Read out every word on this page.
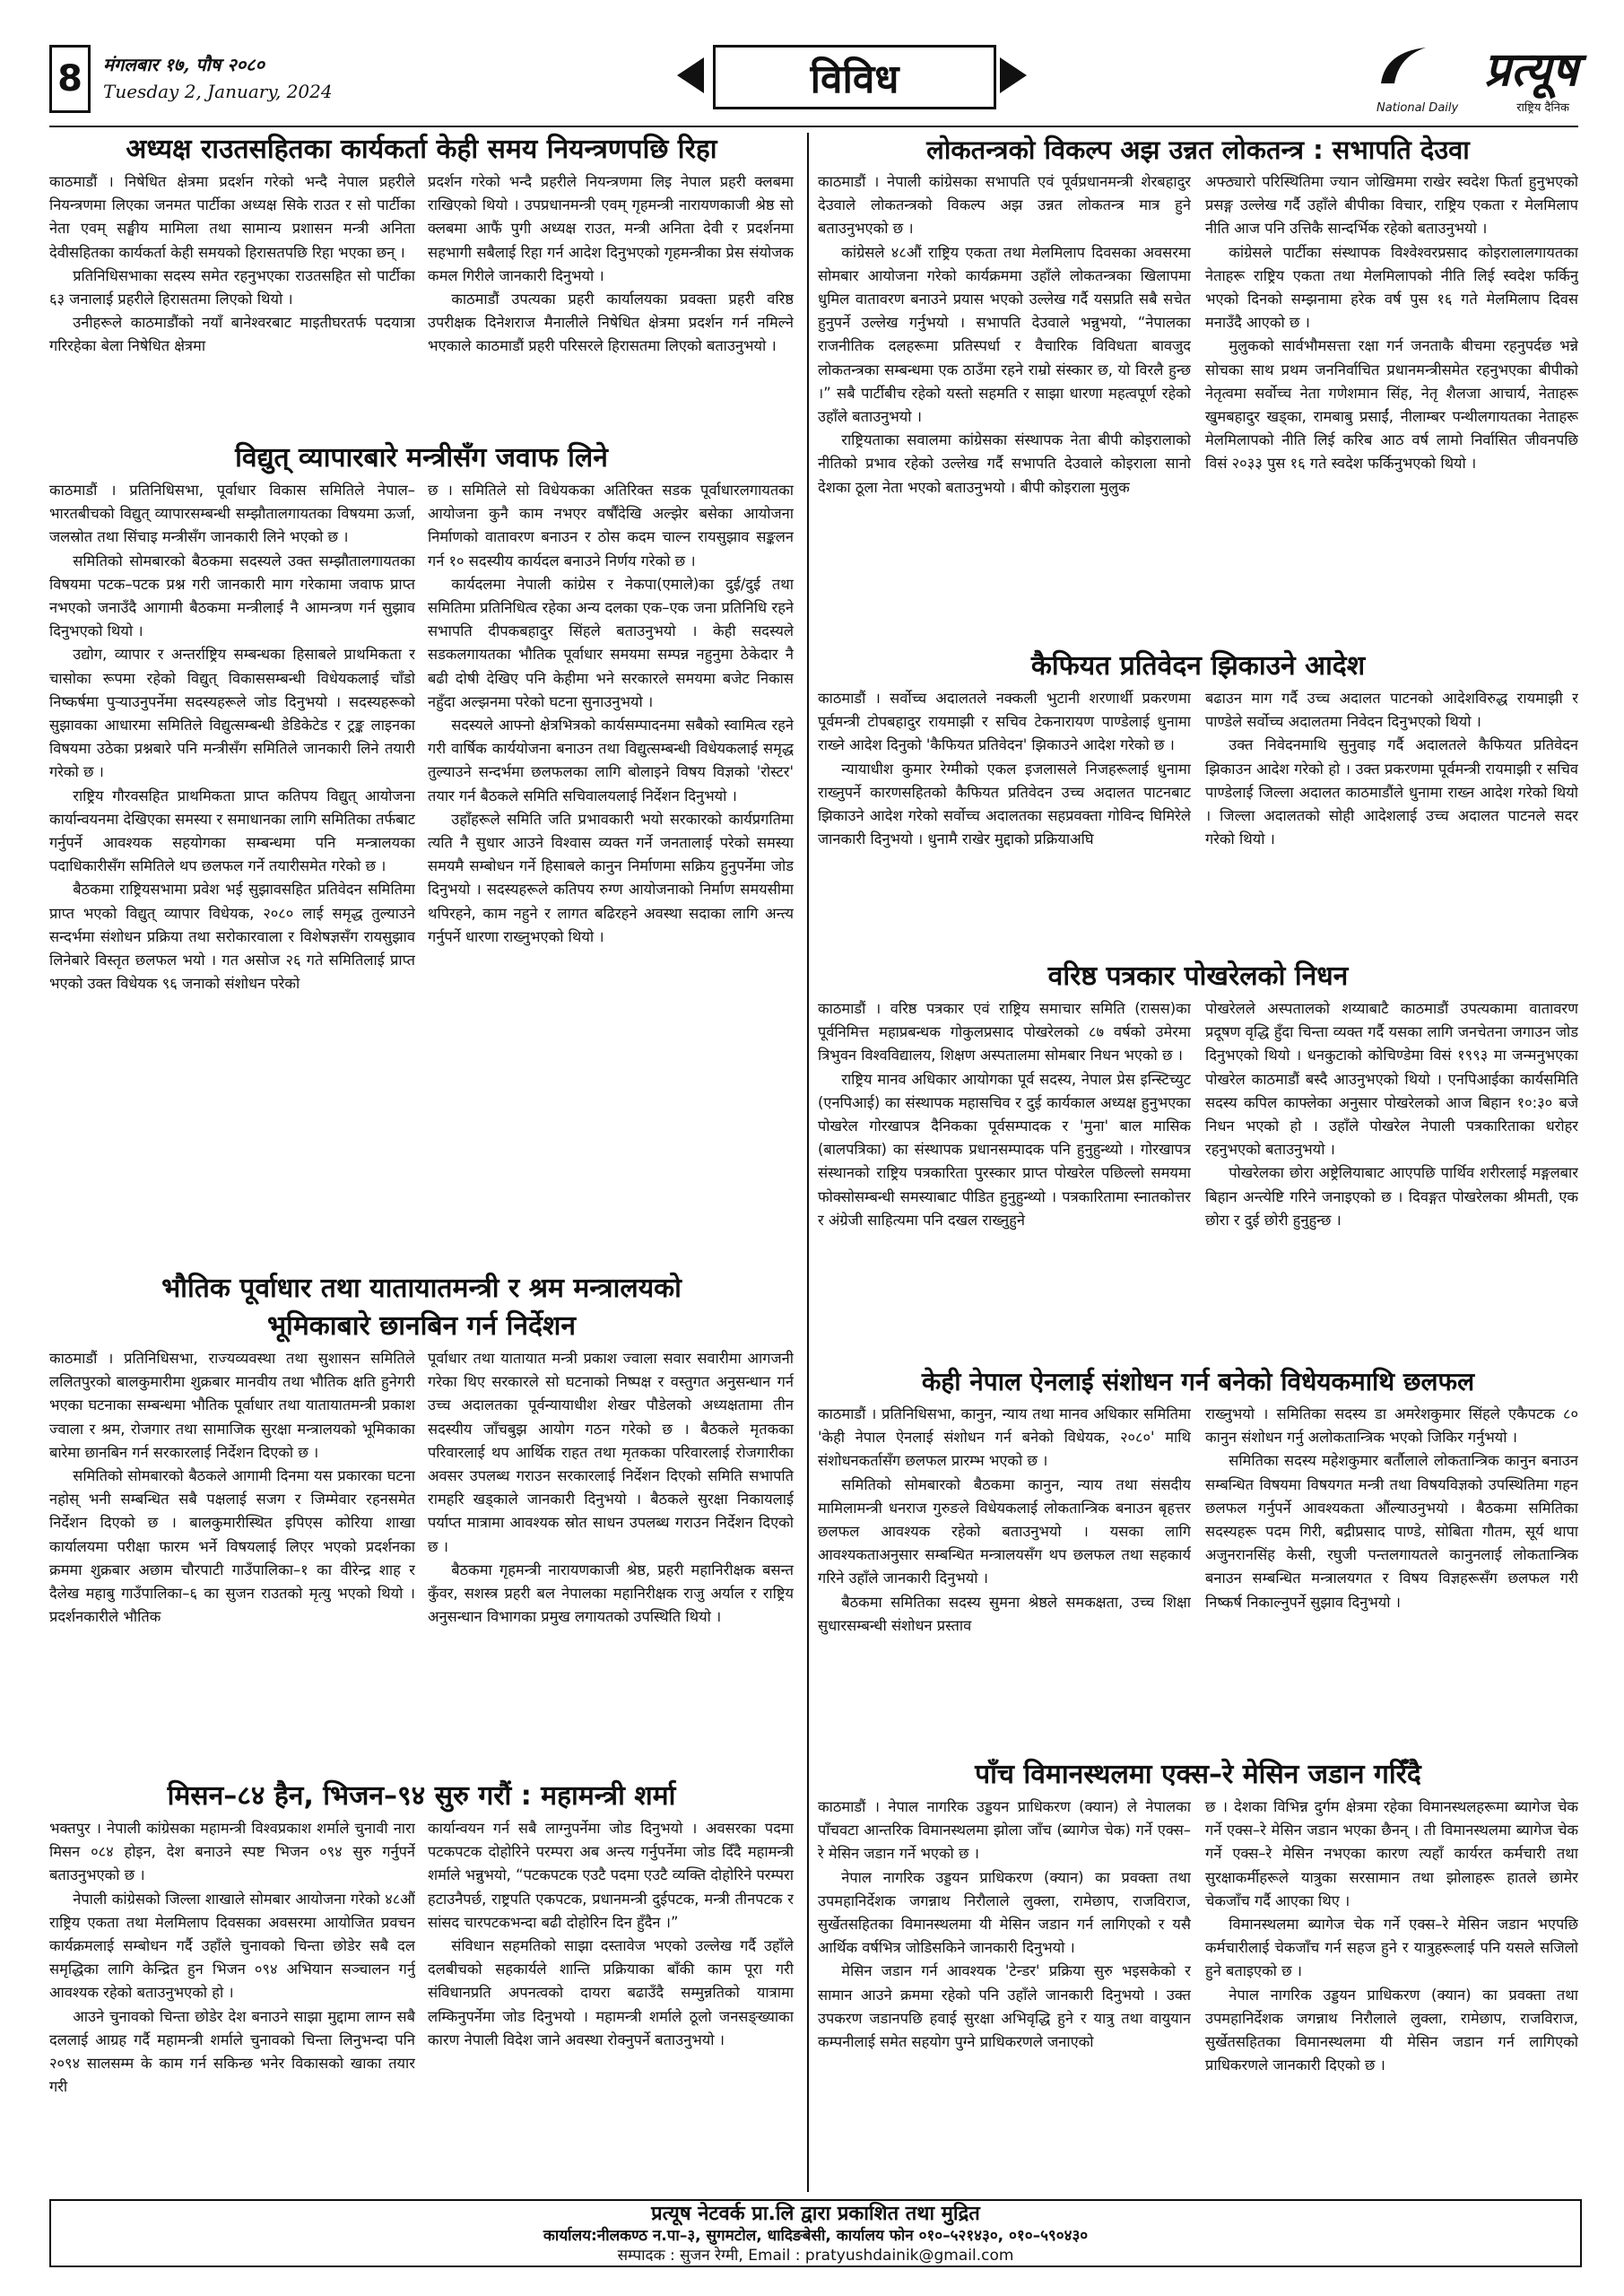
8	मंगलबार १७, पौष २०८०
Tuesday 2, January, 2024	विविध	प्रत्यूष
National Daily	राष्ट्रिय दैनिक
अध्यक्ष राउतसहितका कार्यकर्ता केही समय नियन्त्रणपछि रिहा

काठमाडौं । निषेधित क्षेत्रमा प्रदर्शन गरेको भन्दै नेपाल प्रहरीले नियन्त्रणमा लिएका जनमत पार्टीका अध्यक्ष सिके राउत र सो पार्टीका नेता एवम् सङ्घीय मामिला तथा सामान्य प्रशासन मन्त्री अनिता देवीसहितका कार्यकर्ता केही समयको हिरासतपछि रिहा भएका छन् ।

प्रतिनिधिसभाका सदस्य समेत रहनुभएका राउतसहित सो पार्टीका ६३ जनालाई प्रहरीले हिरासतमा लिएको थियो ।

उनीहरूले काठमाडौंको नयाँ बानेश्वरबाट माइतीघरतर्फ पदयात्रा गरिरहेका बेला निषेधित क्षेत्रमा

प्रदर्शन गरेको भन्दै प्रहरीले नियन्त्रणमा लिइ नेपाल प्रहरी क्लबमा राखिएको थियो । उपप्रधानमन्त्री एवम् गृहमन्त्री नारायणकाजी श्रेष्ठ सो क्लबमा आफैं पुगी अध्यक्ष राउत, मन्त्री अनिता देवी र प्रदर्शनमा सहभागी सबैलाई रिहा गर्न आदेश दिनुभएको गृहमन्त्रीका प्रेस संयोजक कमल गिरीले जानकारी दिनुभयो ।

काठमाडौं उपत्यका प्रहरी कार्यालयका प्रवक्ता प्रहरी वरिष्ठ उपरीक्षक दिनेशराज मैनालीले निषेधित क्षेत्रमा प्रदर्शन गर्न नमिल्ने भएकाले काठमाडौं प्रहरी परिसरले हिरासतमा लिएको बताउनुभयो ।

विद्युत् व्यापारबारे मन्त्रीसँग जवाफ लिने

काठमाडौं । प्रतिनिधिसभा, पूर्वाधार विकास समितिले नेपाल–भारतबीचको विद्युत् व्यापारसम्बन्धी सम्झौतालगायतका विषयमा ऊर्जा, जलस्रोत तथा सिंचाइ मन्त्रीसँग जानकारी लिने भएको छ ।

समितिको सोमबारको बैठकमा सदस्यले उक्त सम्झौतालगायतका विषयमा पटक–पटक प्रश्न गरी जानकारी माग गरेकामा जवाफ प्राप्त नभएको जनाउँदै आगामी बैठकमा मन्त्रीलाई नै आमन्त्रण गर्न सुझाव दिनुभएको थियो ।

उद्योग, व्यापार र अन्तर्राष्ट्रिय सम्बन्धका हिसाबले प्राथमिकता र चासोका रूपमा रहेको विद्युत् विकाससम्बन्धी विधेयकलाई चाँडो निष्कर्षमा पुर्‍याउनुपर्नेमा सदस्यहरूले जोड दिनुभयो । सदस्यहरूको सुझावका आधारमा समितिले विद्युत्सम्बन्धी डेडिकेटेड र ट्रङ्क लाइनका विषयमा उठेका प्रश्नबारे पनि मन्त्रीसँग समितिले जानकारी लिने तयारी गरेको छ ।

राष्ट्रिय गौरवसहित प्राथमिकता प्राप्त कतिपय विद्युत् आयोजना कार्यान्वयनमा देखिएका समस्या र समाधानका लागि समितिका तर्फबाट गर्नुपर्ने आवश्यक सहयोगका सम्बन्धमा पनि मन्त्रालयका पदाधिकारीसँग समितिले थप छलफल गर्ने तयारीसमेत गरेको छ ।

बैठकमा राष्ट्रियसभामा प्रवेश भई सुझावसहित प्रतिवेदन समितिमा प्राप्त भएको विद्युत् व्यापार विधेयक, २०८० लाई समृद्ध तुल्याउने सन्दर्भमा संशोधन प्रक्रिया तथा सरोकारवाला र विशेषज्ञसँग रायसुझाव लिनेबारे विस्तृत छलफल भयो । गत असोज २६ गते समितिलाई प्राप्त भएको उक्त विधेयक ९६ जनाको संशोधन परेको

छ । समितिले सो विधेयकका अतिरिक्त सडक पूर्वाधारलगायतका आयोजना कुनै काम नभएर वर्षौंदेखि अल्झेर बसेका आयोजना निर्माणको वातावरण बनाउन र ठोस कदम चाल्न रायसुझाव सङ्कलन गर्न १० सदस्यीय कार्यदल बनाउने निर्णय गरेको छ ।

कार्यदलमा नेपाली कांग्रेस र नेकपा(एमाले)का दुई/दुई तथा समितिमा प्रतिनिधित्व रहेका अन्य दलका एक–एक जना प्रतिनिधि रहने सभापति दीपकबहादुर सिंहले बताउनुभयो । केही सदस्यले सडकलगायतका भौतिक पूर्वाधार समयमा सम्पन्न नहुनुमा ठेकेदार नै बढी दोषी देखिए पनि केहीमा भने सरकारले समयमा बजेट निकास नहुँदा अल्झनमा परेको घटना सुनाउनुभयो ।

सदस्यले आफ्नो क्षेत्रभित्रको कार्यसम्पादनमा सबैको स्वामित्व रहने गरी वार्षिक कार्ययोजना बनाउन तथा विद्युत्सम्बन्धी विधेयकलाई समृद्ध तुल्याउने सन्दर्भमा छलफलका लागि बोलाइने विषय विज्ञको 'रोस्टर' तयार गर्न बैठकले समिति सचिवालयलाई निर्देशन दिनुभयो ।

उहाँहरूले समिति जति प्रभावकारी भयो सरकारको कार्यप्रगतिमा त्यति नै सुधार आउने विश्वास व्यक्त गर्ने जनतालाई परेको समस्या समयमै सम्बोधन गर्ने हिसाबले कानुन निर्माणमा सक्रिय हुनुपर्नेमा जोड दिनुभयो । सदस्यहरूले कतिपय रुग्ण आयोजनाको निर्माण समयसीमा थपिरहने, काम नहुने र लागत बढिरहने अवस्था सदाका लागि अन्त्य गर्नुपर्ने धारणा राख्नुभएको थियो ।

भौतिक पूर्वाधार तथा यातायातमन्त्री र श्रम मन्त्रालयको
भूमिकाबारे छानबिन गर्न निर्देशन

काठमाडौं । प्रतिनिधिसभा, राज्यव्यवस्था तथा सुशासन समितिले ललितपुरको बालकुमारीमा शुक्रबार मानवीय तथा भौतिक क्षति हुनेगरी भएका घटनाका सम्बन्धमा भौतिक पूर्वाधार तथा यातायातमन्त्री प्रकाश ज्वाला र श्रम, रोजगार तथा सामाजिक सुरक्षा मन्त्रालयको भूमिकाका बारेमा छानबिन गर्न सरकारलाई निर्देशन दिएको छ ।

समितिको सोमबारको बैठकले आगामी दिनमा यस प्रकारका घटना नहोस् भनी सम्बन्धित सबै पक्षलाई सजग र जिम्मेवार रहनसमेत निर्देशन दिएको छ । बालकुमारीस्थित इपिएस कोरिया शाखा कार्यालयमा परीक्षा फारम भर्ने विषयलाई लिएर भएको प्रदर्शनका क्रममा शुक्रबार अछाम चौरपाटी गाउँपालिका–१ का वीरेन्द्र शाह र दैलेख महाबु गाउँपालिका–६ का सुजन राउतको मृत्यु भएको थियो । प्रदर्शनकारीले भौतिक

पूर्वाधार तथा यातायात मन्त्री प्रकाश ज्वाला सवार सवारीमा आगजनी गरेका थिए सरकारले सो घटनाको निष्पक्ष र वस्तुगत अनुसन्धान गर्न उच्च अदालतका पूर्वन्यायाधीश शेखर पौडेलको अध्यक्षतामा तीन सदस्यीय जाँचबुझ आयोग गठन गरेको छ । बैठकले मृतकका परिवारलाई थप आर्थिक राहत तथा मृतकका परिवारलाई रोजगारीका अवसर उपलब्ध गराउन सरकारलाई निर्देशन दिएको समिति सभापति रामहरि खड्काले जानकारी दिनुभयो । बैठकले सुरक्षा निकायलाई पर्याप्त मात्रामा आवश्यक स्रोत साधन उपलब्ध गराउन निर्देशन दिएको छ ।

बैठकमा गृहमन्त्री नारायणकाजी श्रेष्ठ, प्रहरी महानिरीक्षक बसन्त कुँवर, सशस्त्र प्रहरी बल नेपालका महानिरीक्षक राजु अर्याल र राष्ट्रिय अनुसन्धान विभागका प्रमुख लगायतको उपस्थिति थियो ।

मिसन–८४ हैन, भिजन–९४ सुरु गरौं : महामन्त्री शर्मा

भक्तपुर । नेपाली कांग्रेसका महामन्त्री विश्वप्रकाश शर्माले चुनावी नारा मिसन ०८४ होइन, देश बनाउने स्पष्ट भिजन ०९४ सुरु गर्नुपर्ने बताउनुभएको छ ।

नेपाली कांग्रेसको जिल्ला शाखाले सोमबार आयोजना गरेको ४८औं राष्ट्रिय एकता तथा मेलमिलाप दिवसका अवसरमा आयोजित प्रवचन कार्यक्रमलाई सम्बोधन गर्दै उहाँले चुनावको चिन्ता छोडेर सबै दल समृद्धिका लागि केन्द्रित हुन भिजन ०९४ अभियान सञ्चालन गर्नु आवश्यक रहेको बताउनुभएको हो ।

आउने चुनावको चिन्ता छोडेर देश बनाउने साझा मुद्दामा लाग्न सबै दललाई आग्रह गर्दै महामन्त्री शर्माले चुनावको चिन्ता लिनुभन्दा पनि २०९४ सालसम्म के काम गर्न सकिन्छ भनेर विकासको खाका तयार गरी

कार्यान्वयन गर्न सबै लाग्नुपर्नेमा जोड दिनुभयो । अवसरका पदमा पटकपटक दोहोरिने परम्परा अब अन्त्य गर्नुपर्नेमा जोड दिँदै महामन्त्री शर्माले भन्नुभयो, “पटकपटक एउटै पदमा एउटै व्यक्ति दोहोरिने परम्परा हटाउनैपर्छ, राष्ट्रपति एकपटक, प्रधानमन्त्री दुईपटक, मन्त्री तीनपटक र सांसद चारपटकभन्दा बढी दोहोरिन दिन हुँदैन ।”

संविधान सहमतिको साझा दस्तावेज भएको उल्लेख गर्दै उहाँले दलबीचको सहकार्यले शान्ति प्रक्रियाका बाँकी काम पूरा गरी संविधानप्रति अपनत्वको दायरा बढाउँदै सम्मुन्नतिको यात्रामा लम्किनुपर्नेमा जोड दिनुभयो । महामन्त्री शर्माले ठूलो जनसङ्ख्याका कारण नेपाली विदेश जाने अवस्था रोक्नुपर्ने बताउनुभयो ।

लोकतन्त्रको विकल्प अझ उन्नत लोकतन्त्र : सभापति देउवा

काठमाडौं । नेपाली कांग्रेसका सभापति एवं पूर्वप्रधानमन्त्री शेरबहादुर देउवाले लोकतन्त्रको विकल्प अझ उन्नत लोकतन्त्र मात्र हुने बताउनुभएको छ ।

कांग्रेसले ४८औं राष्ट्रिय एकता तथा मेलमिलाप दिवसका अवसरमा सोमबार आयोजना गरेको कार्यक्रममा उहाँले लोकतन्त्रका खिलापमा धुमिल वातावरण बनाउने प्रयास भएको उल्लेख गर्दै यसप्रति सबै सचेत हुनुपर्ने उल्लेख गर्नुभयो । सभापति देउवाले भन्नुभयो, “नेपालका राजनीतिक दलहरूमा प्रतिस्पर्धा र वैचारिक विविधता बावजुद लोकतन्त्रका सम्बन्धमा एक ठाउँमा रहने राम्रो संस्कार छ, यो विरलै हुन्छ ।” सबै पार्टीबीच रहेको यस्तो सहमति र साझा धारणा महत्वपूर्ण रहेको उहाँले बताउनुभयो ।

राष्ट्रियताका सवालमा कांग्रेसका संस्थापक नेता बीपी कोइरालाको नीतिको प्रभाव रहेको उल्लेख गर्दै सभापति देउवाले कोइराला सानो देशका ठूला नेता भएको बताउनुभयो । बीपी कोइराला मुलुक

अफ्ठ्यारो परिस्थितिमा ज्यान जोखिममा राखेर स्वदेश फिर्ता हुनुभएको प्रसङ्ग उल्लेख गर्दै उहाँले बीपीका विचार, राष्ट्रिय एकता र मेलमिलाप नीति आज पनि उत्तिकै सान्दर्भिक रहेको बताउनुभयो ।

कांग्रेसले पार्टीका संस्थापक विश्वेश्वरप्रसाद कोइरालालगायतका नेताहरू राष्ट्रिय एकता तथा मेलमिलापको नीति लिई स्वदेश फर्किनु भएको दिनको सम्झनामा हरेक वर्ष पुस १६ गते मेलमिलाप दिवस मनाउँदै आएको छ ।

मुलुकको सार्वभौमसत्ता रक्षा गर्न जनताकै बीचमा रहनुपर्दछ भन्ने सोचका साथ प्रथम जननिर्वाचित प्रधानमन्त्रीसमेत रहनुभएका बीपीको नेतृत्वमा सर्वोच्च नेता गणेशमान सिंह, नेतृ शैलजा आचार्य, नेताहरू खुमबहादुर खड्का, रामबाबु प्रसाईं, नीलाम्बर पन्थीलगायतका नेताहरू मेलमिलापको नीति लिई करिब आठ वर्ष लामो निर्वासित जीवनपछि विसं २०३३ पुस १६ गते स्वदेश फर्किनुभएको थियो ।

कैफियत प्रतिवेदन झिकाउने आदेश

काठमाडौं । सर्वोच्च अदालतले नक्कली भुटानी शरणार्थी प्रकरणमा पूर्वमन्त्री टोपबहादुर रायमाझी र सचिव टेकनारायण पाण्डेलाई धुनामा राख्ने आदेश दिनुको 'कैफियत प्रतिवेदन' झिकाउने आदेश गरेको छ ।

न्यायाधीश कुमार रेग्मीको एकल इजलासले निजहरूलाई धुनामा राख्नुपर्ने कारणसहितको कैफियत प्रतिवेदन उच्च अदालत पाटनबाट झिकाउने आदेश गरेको सर्वोच्च अदालतका सहप्रवक्ता गोविन्द घिमिरेले जानकारी दिनुभयो । धुनामै राखेर मुद्दाको प्रक्रियाअघि

बढाउन माग गर्दै उच्च अदालत पाटनको आदेशविरुद्ध रायमाझी र पाण्डेले सर्वोच्च अदालतमा निवेदन दिनुभएको थियो ।

उक्त निवेदनमाथि सुनुवाइ गर्दै अदालतले कैफियत प्रतिवेदन झिकाउन आदेश गरेको हो । उक्त प्रकरणमा पूर्वमन्त्री रायमाझी र सचिव पाण्डेलाई जिल्ला अदालत काठमाडौंले धुनामा राख्न आदेश गरेको थियो । जिल्ला अदालतको सोही आदेशलाई उच्च अदालत पाटनले सदर गरेको थियो ।

वरिष्ठ पत्रकार पोखरेलको निधन

काठमाडौं । वरिष्ठ पत्रकार एवं राष्ट्रिय समाचार समिति (रासस)का पूर्वनिमित्त महाप्रबन्धक गोकुलप्रसाद पोखरेलको ८७ वर्षको उमेरमा त्रिभुवन विश्वविद्यालय, शिक्षण अस्पतालमा सोमबार निधन भएको छ ।

राष्ट्रिय मानव अधिकार आयोगका पूर्व सदस्य, नेपाल प्रेस इन्स्टिच्युट (एनपिआई) का संस्थापक महासचिव र दुई कार्यकाल अध्यक्ष हुनुभएका पोखरेल गोरखापत्र दैनिकका पूर्वसम्पादक र 'मुना' बाल मासिक (बालपत्रिका) का संस्थापक प्रधानसम्पादक पनि हुनुहुन्थ्यो । गोरखापत्र संस्थानको राष्ट्रिय पत्रकारिता पुरस्कार प्राप्त पोखरेल पछिल्लो समयमा फोक्सोसम्बन्धी समस्याबाट पीडित हुनुहुन्थ्यो । पत्रकारितामा स्नातकोत्तर र अंग्रेजी साहित्यमा पनि दखल राख्नुहुने

पोखरेलले अस्पतालको शय्याबाटै काठमाडौं उपत्यकामा वातावरण प्रदूषण वृद्धि हुँदा चिन्ता व्यक्त गर्दै यसका लागि जनचेतना जगाउन जोड दिनुभएको थियो । धनकुटाको कोचिण्डेमा विसं १९९३ मा जन्मनुभएका पोखरेल काठमाडौं बस्दै आउनुभएको थियो । एनपिआईका कार्यसमिति सदस्य कपिल काफ्लेका अनुसार पोखरेलको आज बिहान १०:३० बजे निधन भएको हो । उहाँले पोखरेल नेपाली पत्रकारिताका धरोहर रहनुभएको बताउनुभयो ।

पोखरेलका छोरा अष्ट्रेलियाबाट आएपछि पार्थिव शरीरलाई मङ्गलबार बिहान अन्त्येष्टि गरिने जनाइएको छ । दिवङ्गत पोखरेलका श्रीमती, एक छोरा र दुई छोरी हुनुहुन्छ ।

केही नेपाल ऐनलाई संशोधन गर्न बनेको विधेयकमाथि छलफल

काठमाडौं । प्रतिनिधिसभा, कानुन, न्याय तथा मानव अधिकार समितिमा 'केही नेपाल ऐनलाई संशोधन गर्न बनेको विधेयक, २०८०' माथि संशोधनकर्तासँग छलफल प्रारम्भ भएको छ ।

समितिको सोमबारको बैठकमा कानुन, न्याय तथा संसदीय मामिलामन्त्री धनराज गुरुङले विधेयकलाई लोकतान्त्रिक बनाउन बृहत्तर छलफल आवश्यक रहेको बताउनुभयो । यसका लागि आवश्यकताअनुसार सम्बन्धित मन्त्रालयसँग थप छलफल तथा सहकार्य गरिने उहाँले जानकारी दिनुभयो ।

बैठकमा समितिका सदस्य सुमना श्रेष्ठले समकक्षता, उच्च शिक्षा सुधारसम्बन्धी संशोधन प्रस्ताव

राख्नुभयो । समितिका सदस्य डा अमरेशकुमार सिंहले एकैपटक ८० कानुन संशोधन गर्नु अलोकतान्त्रिक भएको जिकिर गर्नुभयो ।

समितिका सदस्य महेशकुमार बर्तौलाले लोकतान्त्रिक कानुन बनाउन सम्बन्धित विषयमा विषयगत मन्त्री तथा विषयविज्ञको उपस्थितिमा गहन छलफल गर्नुपर्ने आवश्यकता औंल्याउनुभयो । बैठकमा समितिका सदस्यहरू पदम गिरी, बद्रीप्रसाद पाण्डे, सोबिता गौतम, सूर्य थापा अजुनरानसिंह केसी, रघुजी पन्तलगायतले कानुनलाई लोकतान्त्रिक बनाउन सम्बन्धित मन्त्रालयगत र विषय विज्ञहरूसँग छलफल गरी निष्कर्ष निकाल्नुपर्ने सुझाव दिनुभयो ।

पाँच विमानस्थलमा एक्स–रे मेसिन जडान गरिँदै

काठमाडौं । नेपाल नागरिक उड्डयन प्राधिकरण (क्यान) ले नेपालका पाँचवटा आन्तरिक विमानस्थलमा झोला जाँच (ब्यागेज चेक) गर्ने एक्स–रे मेसिन जडान गर्ने भएको छ ।

नेपाल नागरिक उड्डयन प्राधिकरण (क्यान) का प्रवक्ता तथा उपमहानिर्देशक जगन्नाथ निरौलाले लुक्ला, रामेछाप, राजविराज, सुर्खेतसहितका विमानस्थलमा यी मेसिन जडान गर्न लागिएको र यसै आर्थिक वर्षभित्र जोडिसकिने जानकारी दिनुभयो ।

मेसिन जडान गर्न आवश्यक 'टेन्डर' प्रक्रिया सुरु भइसकेको र सामान आउने क्रममा रहेको पनि उहाँले जानकारी दिनुभयो । उक्त उपकरण जडानपछि हवाई सुरक्षा अभिवृद्धि हुने र यात्रु तथा वायुयान कम्पनीलाई समेत सहयोग पुग्ने प्राधिकरणले जनाएको

छ । देशका विभिन्न दुर्गम क्षेत्रमा रहेका विमानस्थलहरूमा ब्यागेज चेक गर्ने एक्स–रे मेसिन जडान भएका छैनन् । ती विमानस्थलमा ब्यागेज चेक गर्ने एक्स–रे मेसिन नभएका कारण त्यहाँ कार्यरत कर्मचारी तथा सुरक्षाकर्मीहरूले यात्रुका सरसामान तथा झोलाहरू हातले छामेर चेकजाँच गर्दै आएका थिए ।

विमानस्थलमा ब्यागेज चेक गर्ने एक्स–रे मेसिन जडान भएपछि कर्मचारीलाई चेकजाँच गर्न सहज हुने र यात्रुहरूलाई पनि यसले सजिलो हुने बताइएको छ ।

नेपाल नागरिक उड्डयन प्राधिकरण (क्यान) का प्रवक्ता तथा उपमहानिर्देशक जगन्नाथ निरौलाले लुक्ला, रामेछाप, राजविराज, सुर्खेतसहितका विमानस्थलमा यी मेसिन जडान गर्न लागिएको प्राधिकरणले जानकारी दिएको छ ।

प्रत्यूष नेटवर्क प्रा.लि द्वारा प्रकाशित तथा मुद्रित
कार्यालय:नीलकण्ठ न.पा–३, सुगमटोल, धादिङबेसी, कार्यालय फोन ०१०–५२१४३०, ०१०–५९०४३०
सम्पादक : सुजन रेग्मी, Email : pratyushdainik@gmail.com
